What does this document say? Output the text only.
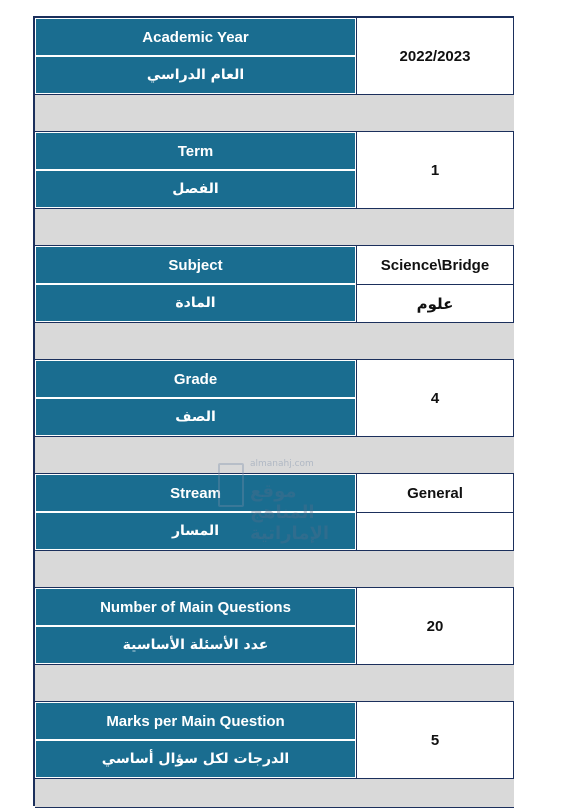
Academic Year
العام الدراسي
2022/2023
Term
الفصل
1
Subject
المادة
Science\Bridge
علوم
Grade
الصف
4
Stream
المسار
General
Number of Main Questions
عدد الأسئلة الأساسية
20
Marks per Main Question
الدرجات لكل سؤال أساسي
5
almanahj.com
موقع المناهج الإماراتية
